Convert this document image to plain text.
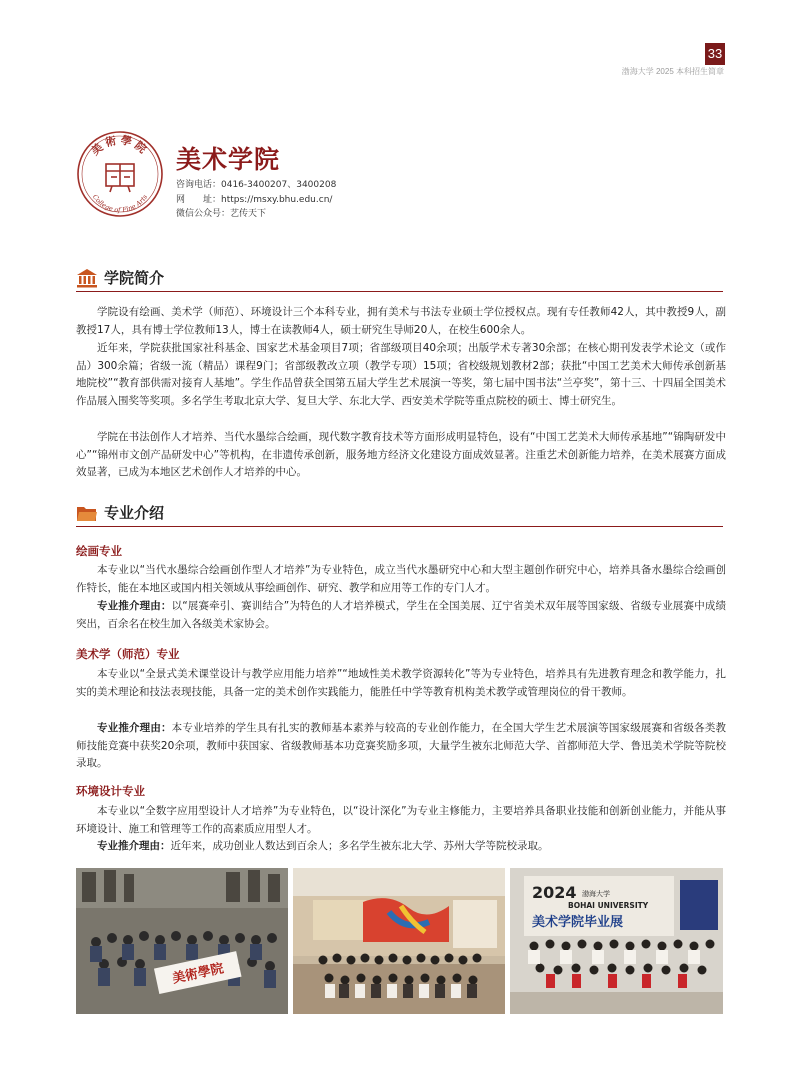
33
渤海大学 2025 本科招生简章
美術學院
College of Fine Arts
美术学院
咨询电话：0416-3400207、3400208
网　　址：https://msxy.bhu.edu.cn/
微信公众号：艺传天下
学院简介

学院设有绘画、美术学（师范）、环境设计三个本科专业，拥有美术与书法专业硕士学位授权点。现有专任教师42人，其中教授9人，副教授17人，具有博士学位教师13人，博士在读教师4人，硕士研究生导师20人，在校生600余人。

近年来，学院获批国家社科基金、国家艺术基金项目7项；省部级项目40余项；出版学术专著30余部；在核心期刊发表学术论文（或作品）300余篇；省级一流（精品）课程9门；省部级教改立项（教学专项）15项；省校级规划教材2部；获批“中国工艺美术大师传承创新基地院校”“教育部供需对接育人基地”。学生作品曾获全国第五届大学生艺术展演一等奖，第七届中国书法“兰亭奖”，第十三、十四届全国美术作品展入围奖等奖项。多名学生考取北京大学、复旦大学、东北大学、西安美术学院等重点院校的硕士、博士研究生。

学院在书法创作人才培养、当代水墨综合绘画，现代数字教育技术等方面形成明显特色，设有“中国工艺美术大师传承基地”“锦陶研发中心”“锦州市文创产品研发中心”等机构，在非遗传承创新，服务地方经济文化建设方面成效显著。注重艺术创新能力培养，在美术展赛方面成效显著，已成为本地区艺术创作人才培养的中心。

专业介绍
绘画专业

本专业以“当代水墨综合绘画创作型人才培养”为专业特色，成立当代水墨研究中心和大型主题创作研究中心，培养具备水墨综合绘画创作特长，能在本地区或国内相关领域从事绘画创作、研究、教学和应用等工作的专门人才。

专业推介理由：以“展赛牵引、赛训结合”为特色的人才培养模式，学生在全国美展、辽宁省美术双年展等国家级、省级专业展赛中成绩突出，百余名在校生加入各级美术家协会。

美术学（师范）专业

本专业以“全景式美术课堂设计与教学应用能力培养”“地域性美术教学资源转化”等为专业特色，培养具有先进教育理念和教学能力，扎实的美术理论和技法表现技能，具备一定的美术创作实践能力，能胜任中学等教育机构美术教学或管理岗位的骨干教师。

专业推介理由：本专业培养的学生具有扎实的教师基本素养与较高的专业创作能力，在全国大学生艺术展演等国家级展赛和省级各类教师技能竞赛中获奖20余项，教师中获国家、省级教师基本功竞赛奖励多项，大量学生被东北师范大学、首都师范大学、鲁迅美术学院等院校录取。

环境设计专业

本专业以“全数字应用型设计人才培养”为专业特色，以“设计深化”为专业主修能力，主要培养具备职业技能和创新创业能力，并能从事环境设计、施工和管理等工作的高素质应用型人才。

专业推介理由：近年来，成功创业人数达到百余人；多名学生被东北大学、苏州大学等院校录取。

美術學院
2024 渤海大学
BOHAI UNIVERSITY
美术学院毕业展
